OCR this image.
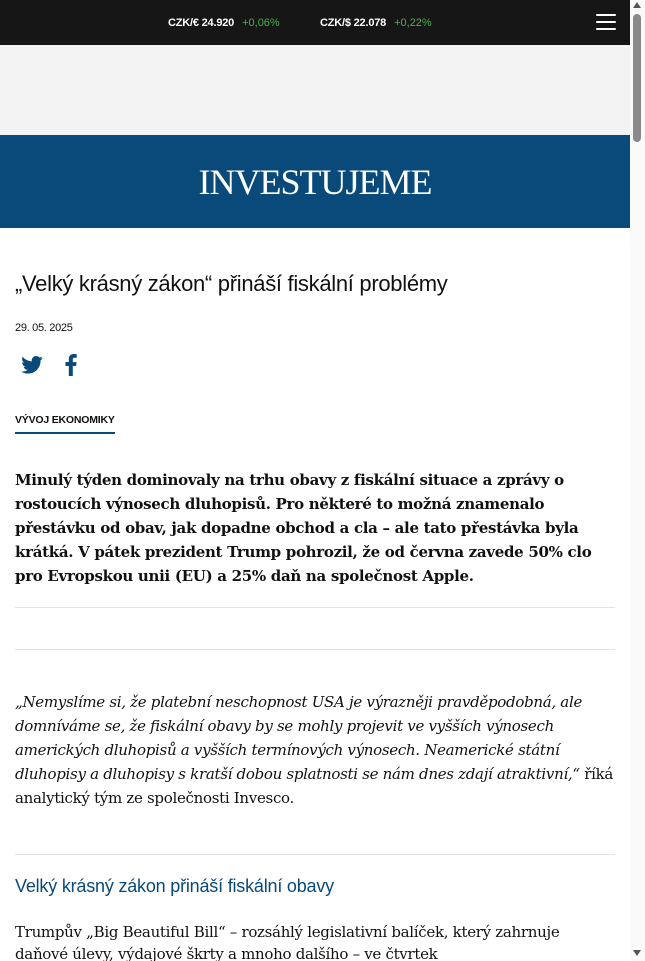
CZK/€ 24.920 +0,06%	CZK/$ 22.078 +0,22%
INVESTUJEME
„Velký krásný zákon“ přináší fiskální problémy
29. 05. 2025
VÝVOJ EKONOMIKY

Minulý týden dominovaly na trhu obavy z fiskální situace a zprávy o rostoucích výnosech dluhopisů. Pro některé to možná znamenalo přestávku od obav, jak dopadne obchod a cla – ale tato přestávka byla krátká. V pátek prezident Trump pohrozil, že od června zavede 50% clo pro Evropskou unii (EU) a 25% daň na společnost Apple.

„Nemyslíme si, že platební neschopnost USA je výrazněji pravděpodobná, ale domníváme se, že fiskální obavy by se mohly projevit ve vyšších výnosech amerických dluhopisů a vyšších termínových výnosech. Neamerické státní dluhopisy a dluhopisy s kratší dobou splatnosti se nám dnes zdají atraktivní,“ říká analytický tým ze společnosti Invesco.

Velký krásný zákon přináší fiskální obavy

Trumpův „Big Beautiful Bill“ – rozsáhlý legislativní balíček, který zahrnuje daňové úlevy, výdajové škrty a mnoho dalšího – ve čtvrtek
